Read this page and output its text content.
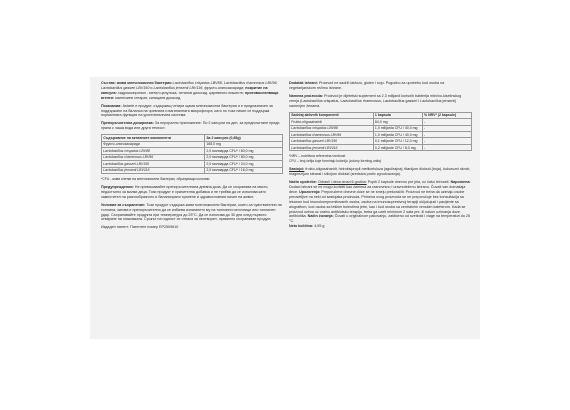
Състав: живи млечнокисели бактерии Lactobacillus crispatus LBV88, Lactobacillus rhamnosus LBV96, Lactobacillus gasseri LBV150 и Lactobacillus jensenii LBV116; фрукто-олигозахариди; покритие на капсула: хидроксипропил - метил целулоза, титанов диоксид, царевично нишесте; противослепващи агенти: магнезиев стеарат, силициев диоксид.

Показания: Astarte е продукт, съдържащ четири щама млечнокисели бактерии и е предназначен за поддържане на баланса на чревната и вагиналната микрофлора, като по този начин се поддържа нормалната функция на урогениталната система.

Препоръчителна дозировка: За перорално приложение: По 2 капсули на ден, за предпочитане преди храна с чаша вода или друга течност.

Съдържание на активните компоненти	За 2 капсули (0,65g)
Фрукто-олигозахариди	168,0 mg
Lactobacillus crispatus LBV88	2,0 милиарда CFU* / 80,0 mg
Lactobacillus rhamnosus LBV96	2,0 милиарда CFU* / 80,0 mg
Lactobacillus gasseri LBV150	2,0 милиарда CFU* / 24,0 mg
Lactobacillus jensenii LBV116	2,0 милиарда CFU* / 16,0 mg

*CFU - живи клетки на млечнокисели бактерии, образуващи колонии

Предупреждения: Не превишавайте препоръчителната дневна доза. Да се съхранява на място, недостъпно за малки деца. Този продукт е хранителна добавка и не трябва да се използва като заместител на разнообразното и балансирано хранене и здравословния начин на живот.

Условия за съхранение: Този продукт съдържа живи млечнокисели бактерии, които са чувствителни на топлина, затова е препоръчително да се избягва излагането му на топлинни източници или топлинен удар. Съхранявайте продукта при температура до 25°C. Да се използва до 30 дни след първото отваряне на опаковката. Срокът на годност се отнася за неотворен, правилно съхраняван продукт.

Издаден патент: Патентен номер EP2509610

Dodatak ishrani: Proizvod ne sadrži laktozu, gluten i soju. Pogodno za upotrebu kod osoba na vegetarijanskom režimu ishrane.

Namena proizvoda: Proizvod je dijetetski suplement sa 2,3 milijardi korisnih bakterija mlečno-kiselinskog vrenja (Lactobacillus crispatus, Lactobacillus rhamnosus, Lactobacillus gasseri i Lactobacillus jensenii) namenjen ženama.

Sadržaj aktivnih komponenti	1 kapsula	% NRV* (2 kapsule)
Frukto-oligosaharidi	84,0 mg	-
Lactobacillus crispatus LBV88	1,0 milijarda CFU / 40,0 mg	-
Lactobacillus rhamnosus LBV96	1,0 milijarda CFU / 40,0 mg	-
Lactobacillus gasseri LBV150	0,1 milijarde CFU / 12,0 mg	-
Lactobacillus jensenii LBV116	0,2 milijarde CFU / 8,0 mg	-

*NRV – nutritivna referentna vrednost

CFU – broj ćelija koje formiraju koloniju (colony forming units)

Sastojci: frukto-oligosaharidi; hidroksipropil-metilceluloza (agulirajna); titanijum dioksid (boja), kukuruzni skrob; magnezijum stearat i silicijum dioksid (sredstva protiv zgrudvavanja).

Način upotrebe: Odrasli i deca iznad 6 godina: Popiti 2 kapsule dnevno pre jela, uz čašu tečnosti. Napomena: Dodaci ishrani se ne mogu koristiti kao zamena za raznovrsnu i uravnoteženu ishranu. Čuvati van domašaja dece. Upozorenja: Preporučene dnevne doze se ne smeju prekoračiti. Proizvod ne treba da uzimaju osobe preosetljive na neki od sastojaka proizvoda. Primena ovog proizvoda se ne preporučuje bez konsultacija sa lekarom kod imunokompromitovanih osoba, osoba na imunosupresivnoj terapiji uključujući i pacijente sa alograftom, kod osoba sa teškim bolestima jetre, kao i kod osoba sa centralnim venskim kateterom. Kada se proizvod uzima uz oralnu antibiotsku terapiju, treba ga uzeti minimum 2 sata pre, ili nakon uzimanja doze antibiotika. Način čuvanja: Čuvati u originalnom pakovanju, zaštićeno od svetlosti i vlage na temperaturi do 25 °C.
Neto količina: 4,55 g
